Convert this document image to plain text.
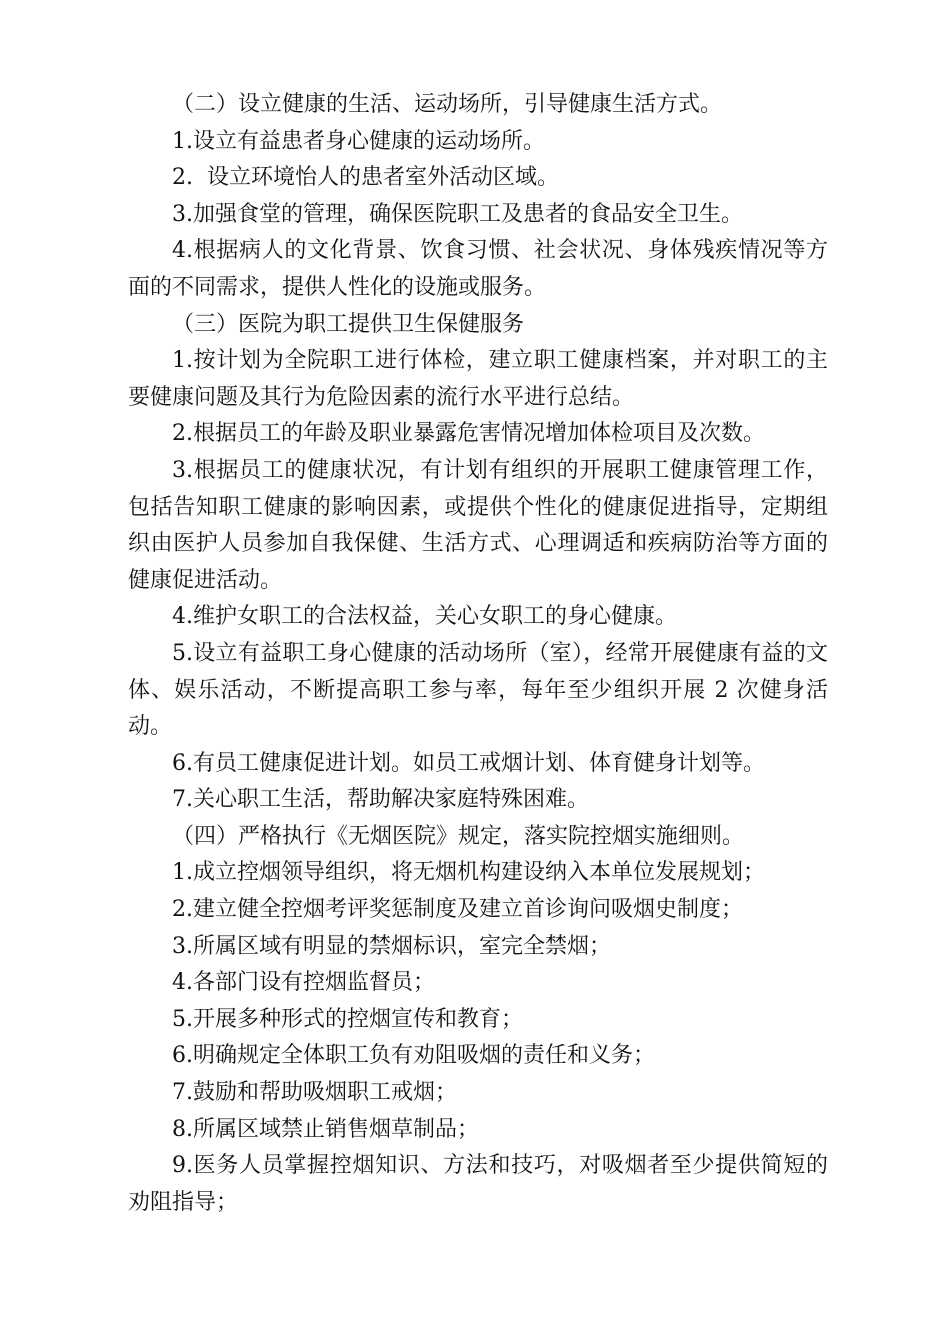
（二）设立健康的生活、运动场所，引导健康生活方式。

1.设立有益患者身心健康的运动场所。

2.  设立环境怡人的患者室外活动区域。

3.加强食堂的管理，确保医院职工及患者的食品安全卫生。

4.根据病人的文化背景、饮食习惯、社会状况、身体残疾情况等方面的不同需求，提供人性化的设施或服务。

（三）医院为职工提供卫生保健服务

1.按计划为全院职工进行体检，建立职工健康档案，并对职工的主要健康问题及其行为危险因素的流行水平进行总结。

2.根据员工的年龄及职业暴露危害情况增加体检项目及次数。

3.根据员工的健康状况，有计划有组织的开展职工健康管理工作，包括告知职工健康的影响因素，或提供个性化的健康促进指导，定期组织由医护人员参加自我保健、生活方式、心理调适和疾病防治等方面的健康促进活动。

4.维护女职工的合法权益，关心女职工的身心健康。

5.设立有益职工身心健康的活动场所（室），经常开展健康有益的文体、娱乐活动，不断提高职工参与率，每年至少组织开展 2 次健身活动。

6.有员工健康促进计划。如员工戒烟计划、体育健身计划等。

7.关心职工生活，帮助解决家庭特殊困难。

（四）严格执行《无烟医院》规定，落实院控烟实施细则。

1.成立控烟领导组织，将无烟机构建设纳入本单位发展规划；

2.建立健全控烟考评奖惩制度及建立首诊询问吸烟史制度；

3.所属区域有明显的禁烟标识，室完全禁烟；

4.各部门设有控烟监督员；

5.开展多种形式的控烟宣传和教育；

6.明确规定全体职工负有劝阻吸烟的责任和义务；

7.鼓励和帮助吸烟职工戒烟；

8.所属区域禁止销售烟草制品；

9.医务人员掌握控烟知识、方法和技巧，对吸烟者至少提供简短的劝阻指导；
